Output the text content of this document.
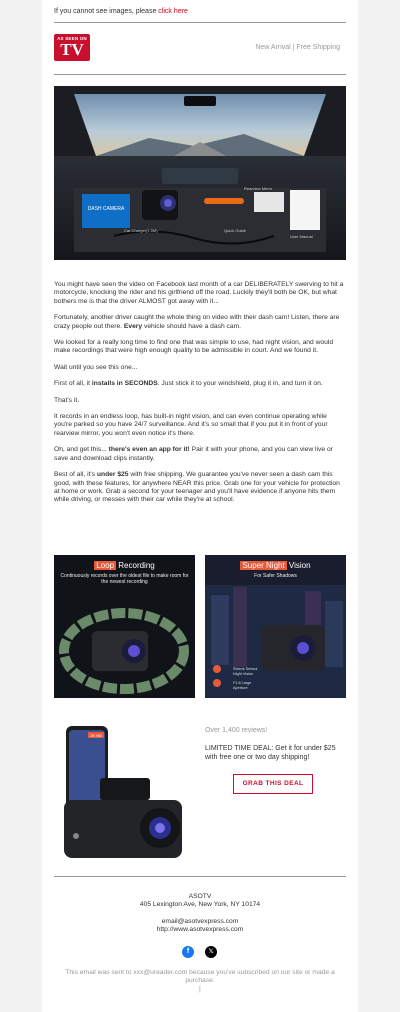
If you cannot see images, please click here
AS SEEN ON
TV	New Arrival | Free Shipping
DASH CAMERA
Car Charger(1.5M)	Quick Guide
User Manual
Rearview Mirror

You might have seen the video on Facebook last month of a car DELIBERATELY swerving to hit a motorcycle, knocking the rider and his girlfriend off the road. Luckily they'll both be OK, but what bothers me is that the driver ALMOST got away with it...

Fortunately, another driver caught the whole thing on video with their dash cam! Listen, there are crazy people out there. Every vehicle should have a dash cam.

We looked for a really long time to find one that was simple to use, had night vision, and would make recordings that were high enough quality to be admissible in court. And we found it.

Wait until you see this one...

First of all, it installs in SECONDS. Just stick it to your windshield, plug it in, and turn it on.

That's it.

It records in an endless loop, has built-in night vision, and can even continue operating while you're parked so you have 24/7 surveillance. And it's so small that if you put it in front of your rearview mirror, you won't even notice it's there.

Oh, and get this... there's even an app for it! Pair it with your phone, and you can view live or save and download clips instantly.

Best of all, it's under $25 with free shipping. We guarantee you've never seen a dash cam this good, with these features, for anywhere NEAR this price. Grab one for your vehicle for protection at home or work. Grab a second for your teenager and you'll have evidence if anyone hits them while driving, or messes with their car while they're at school.

Loop Recording
Continuously records over the oldest file to make room for the newest recording
Super Night Vision
For Safer Shadows
Starvis Sensor Night Vision
F1.8 Large Aperture
2K HD
Over 1,400 reviews!
LIMITED TIME DEAL: Get it for under $25 with free one or two day shipping!
GRAB THIS DEAL
ASOTV
405 Lexington Ave, New York, NY 10174
email@asotvexpress.com
http://www.asotvexpress.com
f	𝕏
This email was sent to xxx@ureader.com because you've subscribed on our site or made a purchase.
|
